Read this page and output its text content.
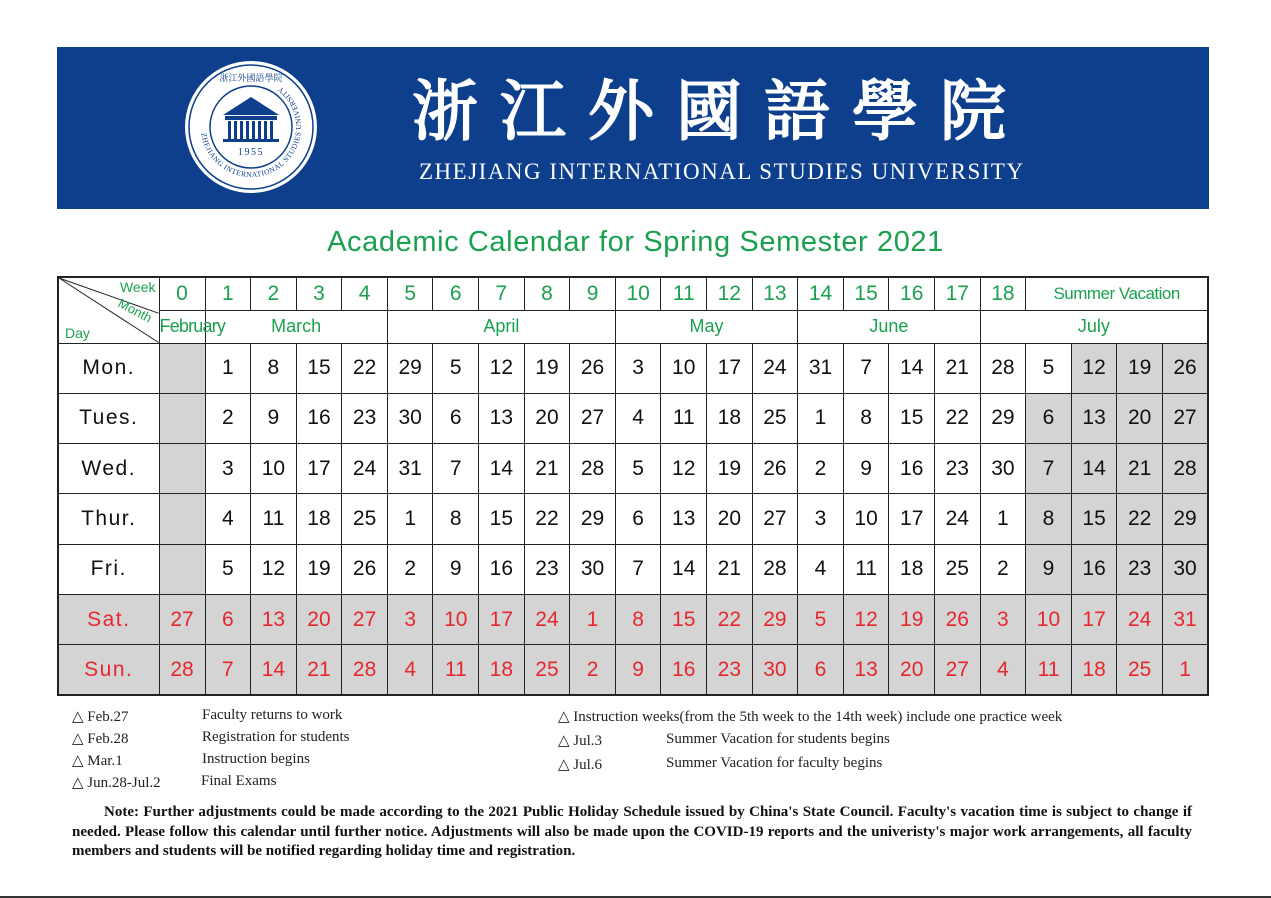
ZHEJIANG INTERNATIONAL STUDIES UNIVERSITY
浙江外國語學院
1955
浙江外國語學院
ZHEJIANG INTERNATIONAL STUDIES UNIVERSITY
Academic Calendar for Spring Semester 2021
Week
Month
Day	0	1	2	3	4	5	6	7	8	9	10	11	12	13	14	15	16	17	18	Summer Vacation			
	February	March				April					May				June				July				
Mon.		1	8	15	22	29	5	12	19	26	3	10	17	24	31	7	14	21	28	5	12	19	26
Tues.		2	9	16	23	30	6	13	20	27	4	11	18	25	1	8	15	22	29	6	13	20	27
Wed.		3	10	17	24	31	7	14	21	28	5	12	19	26	2	9	16	23	30	7	14	21	28
Thur.		4	11	18	25	1	8	15	22	29	6	13	20	27	3	10	17	24	1	8	15	22	29
Fri.		5	12	19	26	2	9	16	23	30	7	14	21	28	4	11	18	25	2	9	16	23	30
Sat.	27	6	13	20	27	3	10	17	24	1	8	15	22	29	5	12	19	26	3	10	17	24	31
Sun.	28	7	14	21	28	4	11	18	25	2	9	16	23	30	6	13	20	27	4	11	18	25	1
△ Feb.27	Faculty returns to work
△ Feb.28	Registration for students
△ Mar.1	Instruction begins
△ Jun.28-Jul.2	Final Exams
△ Instruction weeks(from the 5th week to the 14th week) include one practice week
△ Jul.3	Summer Vacation for students begins
△ Jul.6	Summer Vacation for faculty begins
Note: Further adjustments could be made according to the 2021 Public Holiday Schedule issued by China's State Council. Faculty's vacation time is subject to change if needed. Please follow this calendar until further notice. Adjustments will also be made upon the COVID-19 reports and the univeristy's major work arrangements, all faculty members and students will be notified regarding holiday time and registration.
